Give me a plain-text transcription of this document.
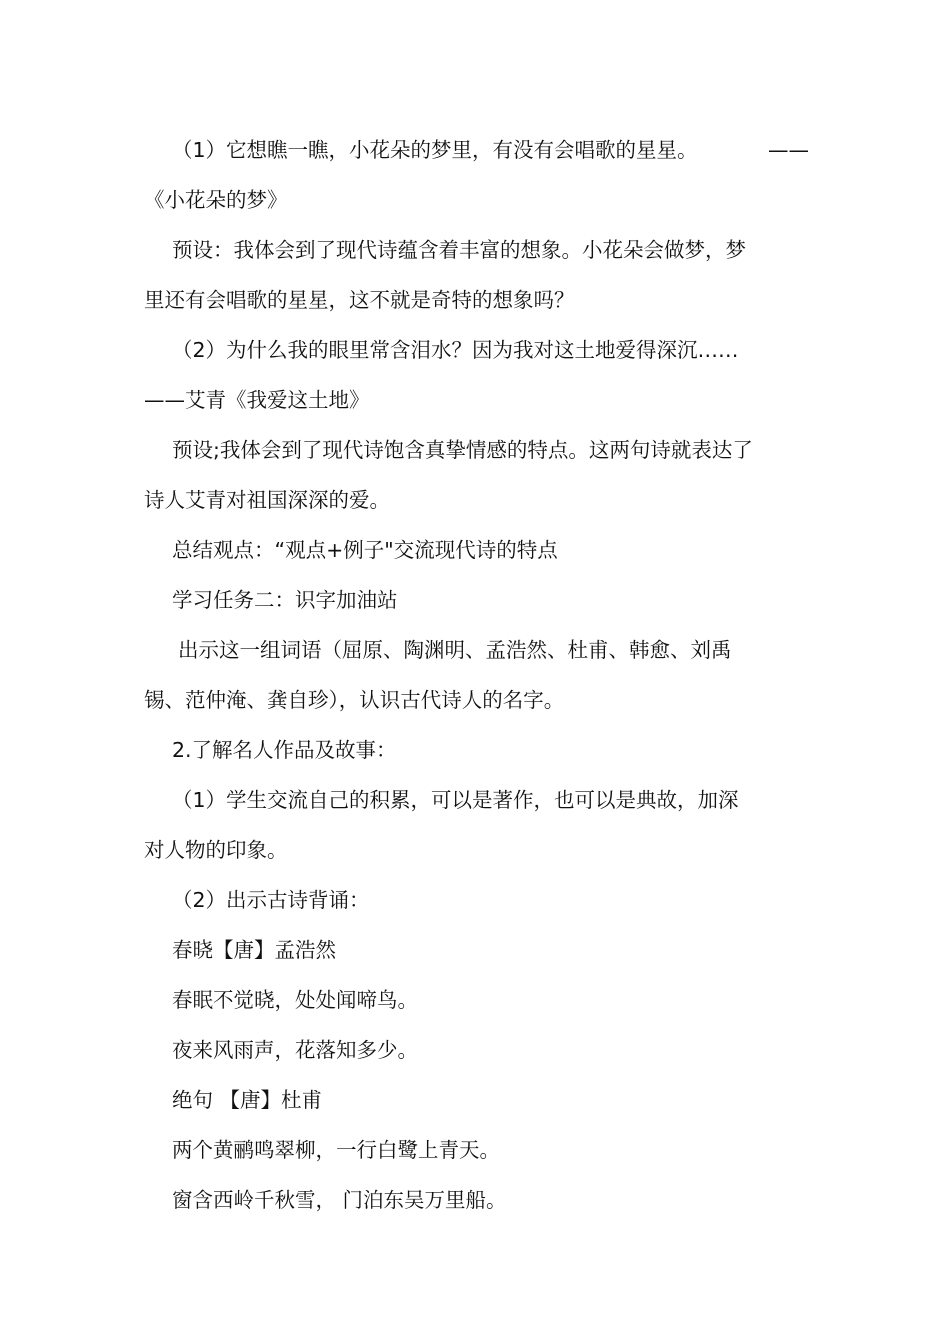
（1）它想瞧一瞧，小花朵的梦里，有没有会唱歌的星星。	——
《小花朵的梦》
预设：我体会到了现代诗蕴含着丰富的想象。小花朵会做梦，梦
里还有会唱歌的星星，这不就是奇特的想象吗？
（2）为什么我的眼里常含泪水？因为我对这土地爱得深沉……
——艾青《我爱这土地》
预设;我体会到了现代诗饱含真挚情感的特点。这两句诗就表达了
诗人艾青对祖国深深的爱。
总结观点：“观点+例子"交流现代诗的特点
学习任务二：识字加油站
出示这一组词语（屈原、陶渊明、孟浩然、杜甫、韩愈、刘禹
锡、范仲淹、龚自珍），认识古代诗人的名字。
2.了解名人作品及故事：
（1）学生交流自己的积累，可以是著作，也可以是典故，加深
对人物的印象。
（2）出示古诗背诵：
春晓【唐】孟浩然
春眠不觉晓，处处闻啼鸟。
夜来风雨声，花落知多少。
绝句 【唐】杜甫
两个黄鹂鸣翠柳，一行白鹭上青天。
窗含西岭千秋雪， 门泊东吴万里船。
